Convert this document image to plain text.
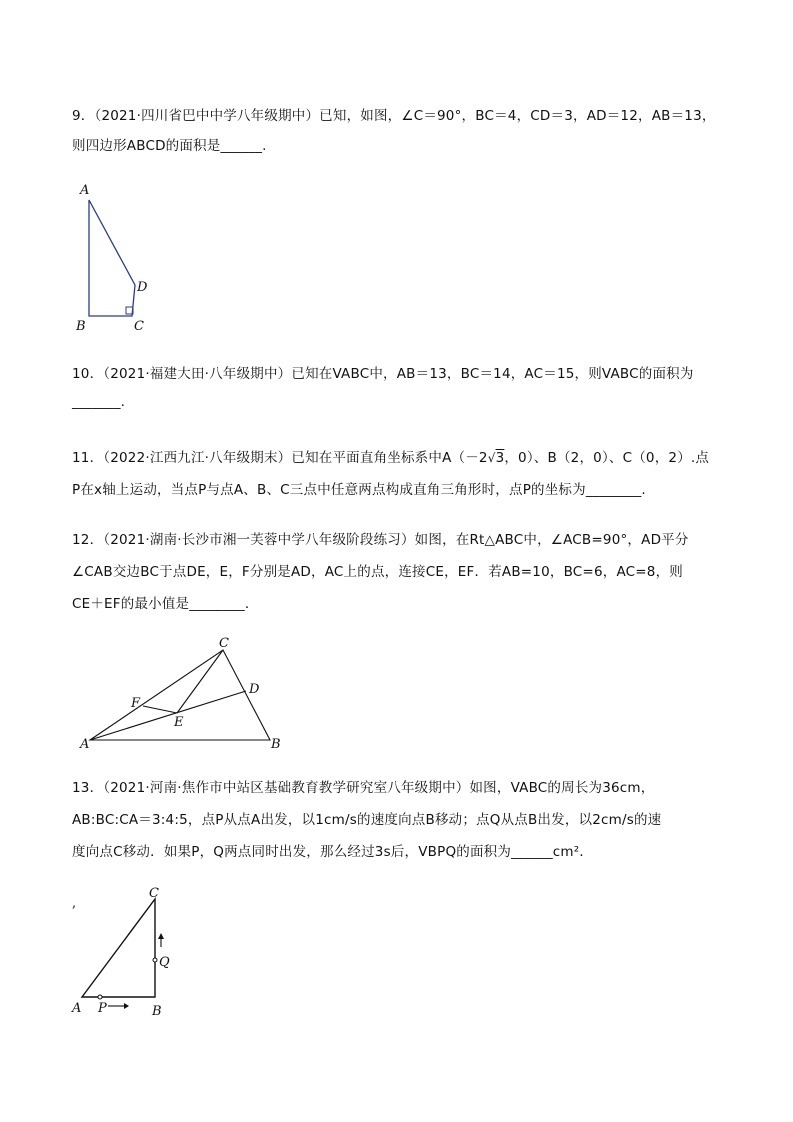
9．（2021·四川省巴中中学八年级期中）已知，如图，∠C＝90°，BC＝4，CD＝3，AD＝12，AB＝13，
则四边形ABCD的面积是______.
A
B	C
D
10．（2021·福建大田·八年级期中）已知在VABC中，AB＝13，BC＝14，AC＝15，则VABC的面积为
_______.
11．（2022·江西九江·八年级期末）已知在平面直角坐标系中A（－2√3，0）、B（2，0）、C（0，2）.点
P在x轴上运动，当点P与点A、B、C三点中任意两点构成直角三角形时，点P的坐标为________.
12．（2021·湖南·长沙市湘一芙蓉中学八年级阶段练习）如图，在Rt△ABC中，∠ACB=90°，AD平分
∠CAB交边BC于点DE，E，F分别是AD，AC上的点，连接CE，EF．若AB=10，BC=6，AC=8，则
CE＋EF的最小值是________．
A	B
C
D
E
F
13．（2021·河南·焦作市中站区基础教育教学研究室八年级期中）如图，VABC的周长为36cm，
AB:BC:CA＝3:4:5，点P从点A出发，以1cm/s的速度向点B移动；点Q从点B出发，以2cm/s的速
度向点C移动．如果P，Q两点同时出发，那么经过3s后，VBPQ的面积为______cm²．
,
C
Q
A P	B
